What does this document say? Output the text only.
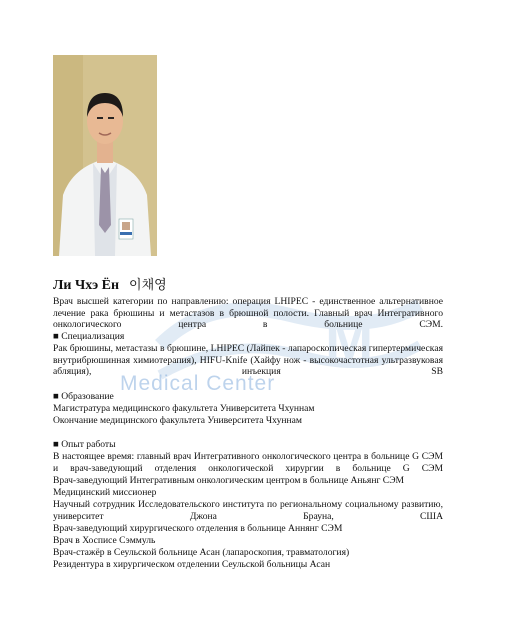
M
Medical Center
Ли Чхэ Ён 이채영
Врач высшей категории по направлению: операция LHIPEC - единственное альтернативное лечение рака брюшины и метастазов в брюшной полости. Главный врач Интегративного онкологического центра в больнице СЭМ.
■ Специализация
Рак брюшины, метастазы в брюшине, LHIPEC (Лайпек - лапароскопическая гипертермическая внутрибрюшинная химиотерапия), HIFU-Knife (Хайфу нож - высокочастотная ультразвуковая абляция), инъекция SB
■ Образование
Магистратура медицинского факультета Университета Чхуннам
Окончание медицинского факультета Университета Чхуннам
■ Опыт работы
В настоящее время: главный врач Интегративного онкологического центра в больнице G СЭМ и врач-заведующий отделения онкологической хирургии в больнице G СЭМ
Врач-заведующий Интегративным онкологическим центром в больнице Аньянг СЭМ
Медицинский миссионер
Научный сотрудник Исследовательского института по региональному социальному развитию, университет Джона Брауна, США
Врач-заведующий хирургического отделения в больнице Аннянг СЭМ
Врач в Хосписе Сэммуль
Врач-стажёр в Сеульской больнице Асан (лапароскопия, травматология)
Резидентура в хирургическом отделении Сеульской больницы Асан
